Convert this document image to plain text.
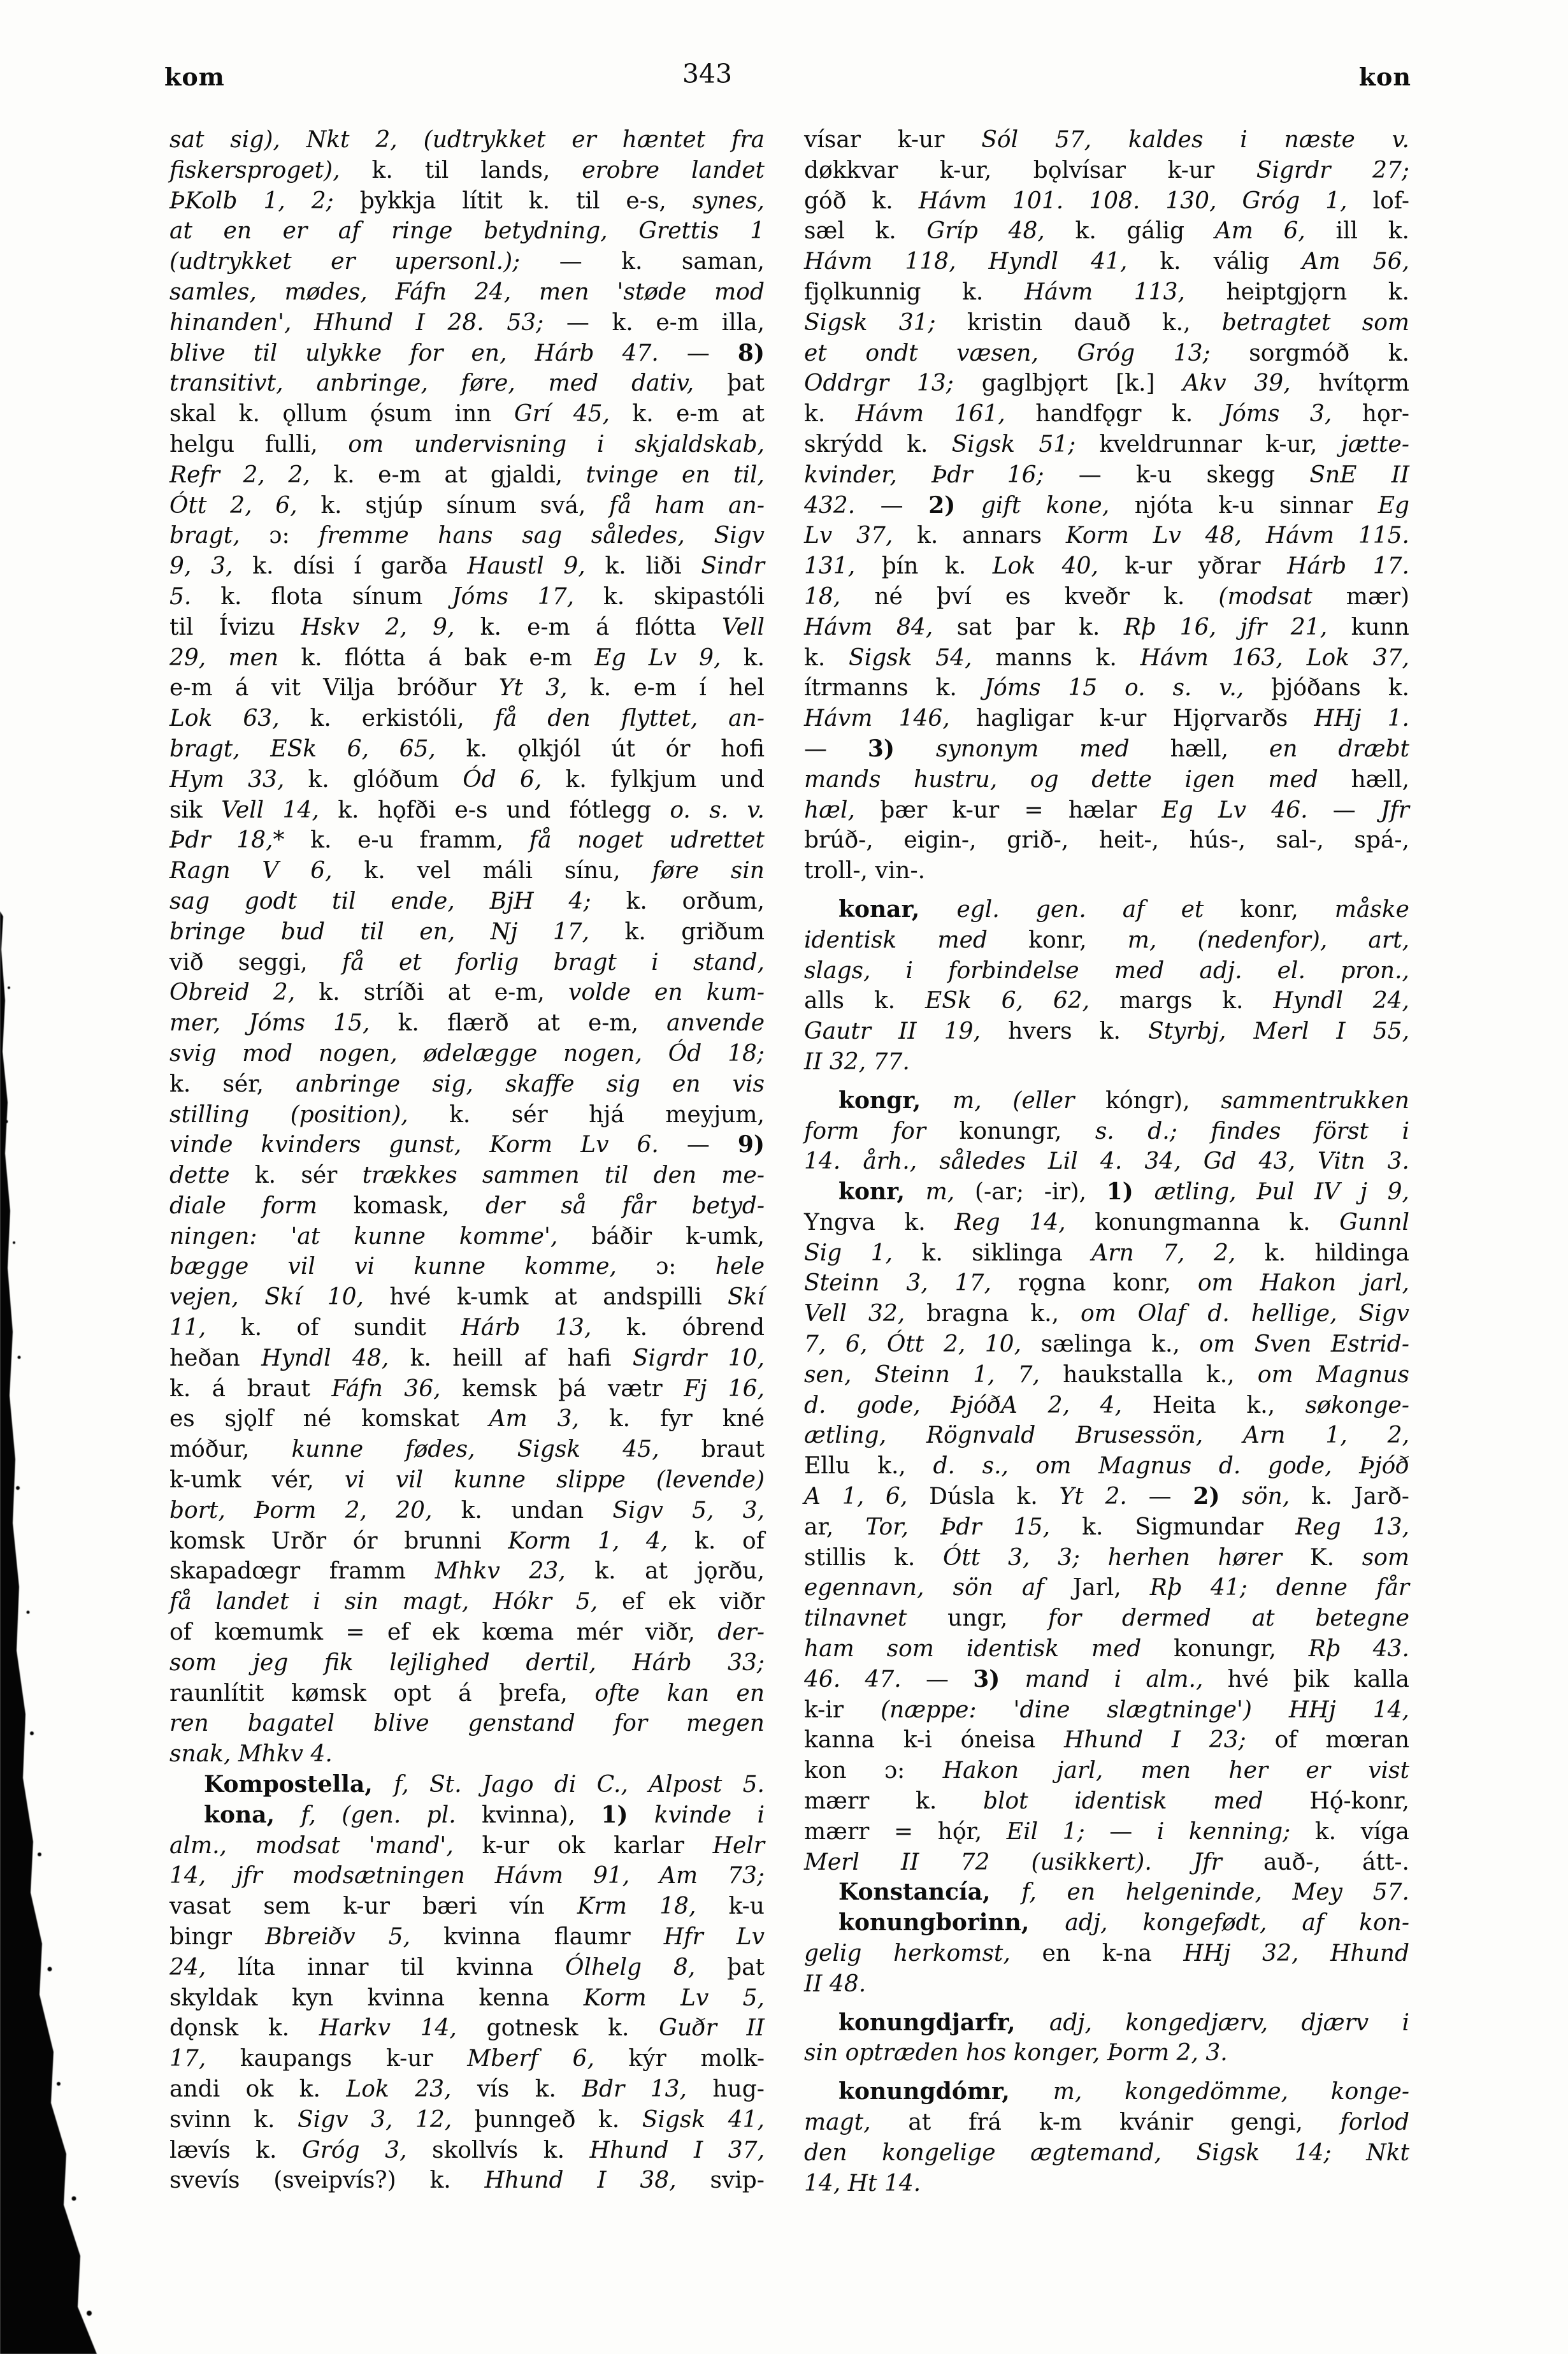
kom	343	kon
sat sig), Nkt 2, (udtrykket er hæntet fra
fiskersproget), k. til lands, erobre landet
ÞKolb 1, 2; þykkja lítit k. til e-s, synes,
at en er af ringe betydning, Grettis 1
(udtrykket er upersonl.); — k. saman,
samles, mødes, Fáfn 24, men 'støde mod
hinanden', Hhund I 28. 53; — k. e-m illa,
blive til ulykke for en, Hárb 47. — 8)
transitivt, anbringe, føre, med dativ, þat
skal k. ǫllum ǫ́sum inn Grí 45, k. e-m at
helgu fulli, om undervisning i skjaldskab,
Refr 2, 2, k. e-m at gjaldi, tvinge en til,
Ótt 2, 6, k. stjúp sínum svá, få ham an-
bragt, ɔ: fremme hans sag således, Sigv
9, 3, k. dísi í garða Haustl 9, k. liði Sindr
5. k. flota sínum Jóms 17, k. skipastóli
til Ívizu Hskv 2, 9, k. e-m á flótta Vell
29, men k. flótta á bak e-m Eg Lv 9, k.
e-m á vit Vilja bróður Yt 3, k. e-m í hel
Lok 63, k. erkistóli, få den flyttet, an-
bragt, ESk 6, 65, k. ǫlkjól út ór hofi
Hym 33, k. glóðum Ód 6, k. fylkjum und
sik Vell 14, k. hǫfði e-s und fótlegg o. s. v.
Þdr 18,* k. e-u framm, få noget udrettet
Ragn V 6, k. vel máli sínu, føre sin
sag godt til ende, BjH 4; k. orðum,
bringe bud til en, Nj 17, k. griðum
við seggi, få et forlig bragt i stand,
Obreid 2, k. stríði at e-m, volde en kum-
mer, Jóms 15, k. flærð at e-m, anvende
svig mod nogen, ødelægge nogen, Ód 18;
k. sér, anbringe sig, skaffe sig en vis
stilling (position), k. sér hjá meyjum,
vinde kvinders gunst, Korm Lv 6. — 9)
dette k. sér trækkes sammen til den me-
diale form komask, der så får betyd-
ningen: 'at kunne komme', báðir k-umk,
bægge vil vi kunne komme, ɔ: hele
vejen, Skí 10, hvé k-umk at andspilli Skí
11, k. of sundit Hárb 13, k. óbrend
heðan Hyndl 48, k. heill af hafi Sigrdr 10,
k. á braut Fáfn 36, kemsk þá vætr Fj 16,
es sjǫlf né komskat Am 3, k. fyr kné
móður, kunne fødes, Sigsk 45, braut
k-umk vér, vi vil kunne slippe (levende)
bort, Þorm 2, 20, k. undan Sigv 5, 3,
komsk Urðr ór brunni Korm 1, 4, k. of
skapadœgr framm Mhkv 23, k. at jǫrðu,
få landet i sin magt, Hókr 5, ef ek viðr
of kœmumk = ef ek kœma mér viðr, der-
som jeg fik lejlighed dertil, Hárb 33;
raunlítit kømsk opt á þrefa, ofte kan en
ren bagatel blive genstand for megen
snak, Mhkv 4.
Kompostella, f, St. Jago di C., Alpost 5.
kona, f, (gen. pl. kvinna), 1) kvinde i
alm., modsat 'mand', k-ur ok karlar Helr
14, jfr modsætningen Hávm 91, Am 73;
vasat sem k-ur bæri vín Krm 18, k-u
bingr Bbreiðv 5, kvinna flaumr Hfr Lv
24, líta innar til kvinna Ólhelg 8, þat
skyldak kyn kvinna kenna Korm Lv 5,
dǫnsk k. Harkv 14, gotnesk k. Guðr II
17, kaupangs k-ur Mberf 6, kýr molk-
andi ok k. Lok 23, vís k. Bdr 13, hug-
svinn k. Sigv 3, 12, þunngeð k. Sigsk 41,
lævís k. Gróg 3, skollvís k. Hhund I 37,
svevís (sveipvís?) k. Hhund I 38, svip-
vísar k-ur Sól 57, kaldes i næste v.
døkkvar k-ur, bǫlvísar k-ur Sigrdr 27;
góð k. Hávm 101. 108. 130, Gróg 1, lof-
sæl k. Gríp 48, k. gálig Am 6, ill k.
Hávm 118, Hyndl 41, k. válig Am 56,
fjǫlkunnig k. Hávm 113, heiptgjǫrn k.
Sigsk 31; kristin dauð k., betragtet som
et ondt væsen, Gróg 13; sorgmóð k.
Oddrgr 13; gaglbjǫrt [k.] Akv 39, hvítǫrm
k. Hávm 161, handfǫgr k. Jóms 3, hǫr-
skrýdd k. Sigsk 51; kveldrunnar k-ur, jætte-
kvinder, Þdr 16; — k-u skegg SnE II
432. — 2) gift kone, njóta k-u sinnar Eg
Lv 37, k. annars Korm Lv 48, Hávm 115.
131, þín k. Lok 40, k-ur yðrar Hárb 17.
18, né því es kveðr k. (modsat mær)
Hávm 84, sat þar k. Rþ 16, jfr 21, kunn
k. Sigsk 54, manns k. Hávm 163, Lok 37,
ítrmanns k. Jóms 15 o. s. v., þjóðans k.
Hávm 146, hagligar k-ur Hjǫrvarðs HHj 1.
— 3) synonym med hæll, en dræbt
mands hustru, og dette igen med hæll,
hæl, þær k-ur = hælar Eg Lv 46. — Jfr
brúð-, eigin-, grið-, heit-, hús-, sal-, spá-,
troll-, vin-.
konar, egl. gen. af et konr, måske
identisk med konr, m, (nedenfor), art,
slags, i forbindelse med adj. el. pron.,
alls k. ESk 6, 62, margs k. Hyndl 24,
Gautr II 19, hvers k. Styrbj, Merl I 55,
II 32, 77.
kongr, m, (eller kóngr), sammentrukken
form for konungr, s. d.; findes först i
14. årh., således Lil 4. 34, Gd 43, Vitn 3.
konr, m, (-ar; -ir), 1) ætling, Þul IV j 9,
Yngva k. Reg 14, konungmanna k. Gunnl
Sig 1, k. siklinga Arn 7, 2, k. hildinga
Steinn 3, 17, rǫgna konr, om Hakon jarl,
Vell 32, bragna k., om Olaf d. hellige, Sigv
7, 6, Ótt 2, 10, sælinga k., om Sven Estrid-
sen, Steinn 1, 7, haukstalla k., om Magnus
d. gode, ÞjóðA 2, 4, Heita k., søkonge-
ætling, Rögnvald Brusessön, Arn 1, 2,
Ellu k., d. s., om Magnus d. gode, Þjóð
A 1, 6, Dúsla k. Yt 2. — 2) sön, k. Jarð-
ar, Tor, Þdr 15, k. Sigmundar Reg 13,
stillis k. Ótt 3, 3; herhen hører K. som
egennavn, sön af Jarl, Rþ 41; denne får
tilnavnet ungr, for dermed at betegne
ham som identisk med konungr, Rþ 43.
46. 47. — 3) mand i alm., hvé þik kalla
k-ir (næppe: 'dine slægtninge') HHj 14,
kanna k-i óneisa Hhund I 23; of mœran
kon ɔ: Hakon jarl, men her er vist
mærr k. blot identisk med Hǫ́-konr,
mærr = hǫ́r, Eil 1; — i kenning; k. víga
Merl II 72 (usikkert). Jfr auð-, átt-.
Konstancía, f, en helgeninde, Mey 57.
konungborinn, adj, kongefødt, af kon-
gelig herkomst, en k-na HHj 32, Hhund
II 48.
konungdjarfr, adj, kongedjærv, djærv i
sin optræden hos konger, Þorm 2, 3.
konungdómr, m, kongedömme, konge-
magt, at frá k-m kvánir gengi, forlod
den kongelige ægtemand, Sigsk 14; Nkt
14, Ht 14.
